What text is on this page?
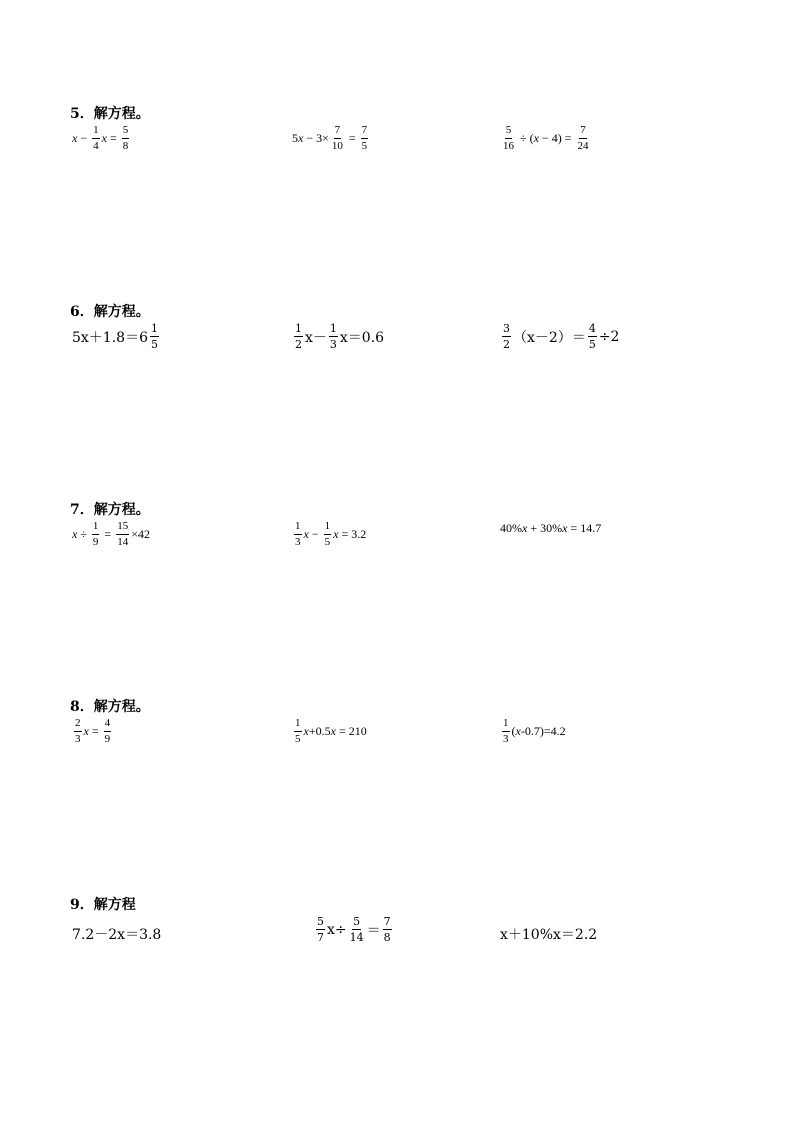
5．解方程。
$x - \frac{1}{4}$ $x = \frac{5}{8}$	5 $x - 3\times \frac{7}{10} = \frac{7}{5}$	$\frac{5}{16}$ ÷ ( $x - 4) = \frac{7}{24}$
6．解方程。
$5x+1.8=6 \frac{1}{5}$	$\frac{1}{2} x- \frac{1}{3} x=0.6$	$\frac{3}{2} (x-2)= \frac{4}{5} \div 2$
7．解方程。
$x \div \frac{1}{9} = \frac{15}{14} \times 42$	$\frac{1}{3}$ $x - \frac{1}{5}$ x = 3.2	40% x + 30% x = 14.7
8．解方程。
$\frac{2}{3}$ $x = \frac{4}{9}$	$\frac{1}{5}$ x +0.5 x = 210	$\frac{1}{3}$ ( x -0.7)=4.2
9．解方程
7.2－2x＝3.8	$\frac{5}{7} x\div \frac{5}{14} = \frac{7}{8}$	x＋10%x＝2.2
